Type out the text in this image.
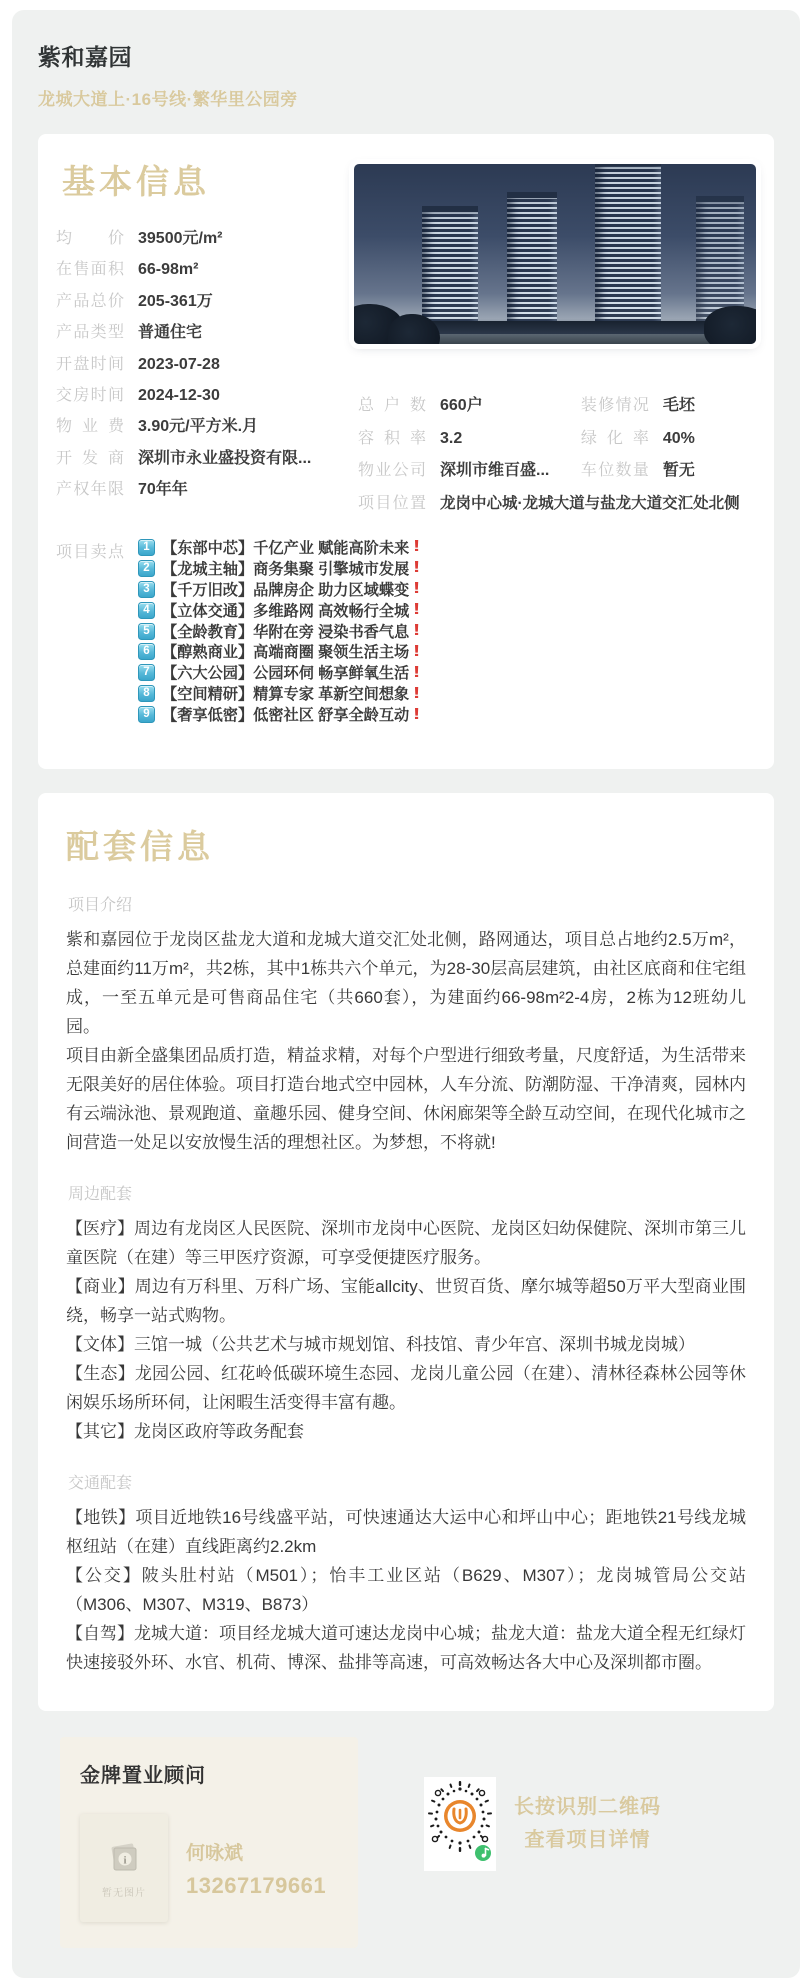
紫和嘉园

龙城大道上·16号线·繁华里公园旁

基本信息
均价 39500元/m²
在售面积 66-98m²
产品总价 205-361万
产品类型 普通住宅
开盘时间 2023-07-28
交房时间 2024-12-30
物业费 3.90元/平方米.月
开发商 深圳市永业盛投资有限...
产权年限 70年年
总户数 660户	装修情况 毛坯
容积率 3.2	绿化率 40%
物业公司 深圳市维百盛... 车位数量 暂无
项目位置 龙岗中心城·龙城大道与盐龙大道交汇处北侧
项目卖点	1 【东部中芯】千亿产业 赋能高阶未来 !
2 【龙城主轴】商务集聚 引擎城市发展 !
3 【千万旧改】品牌房企 助力区域蝶变 !
4 【立体交通】多维路网 高效畅行全城 !
5 【全龄教育】华附在旁 浸染书香气息 !
6 【醇熟商业】高端商圈 聚领生活主场 !
7 【六大公园】公园环伺 畅享鲜氧生活 !
8 【空间精研】精算专家 革新空间想象 !
9 【奢享低密】低密社区 舒享全龄互动 !
配套信息
项目介绍

紫和嘉园位于龙岗区盐龙大道和龙城大道交汇处北侧，路网通达，项目总占地约2.5万m²，总建面约11万m²，共2栋，其中1栋共六个单元，为28-30层高层建筑，由社区底商和住宅组成，一至五单元是可售商品住宅（共660套），为建面约66-98m²2-4房，2栋为12班幼儿园。

项目由新全盛集团品质打造，精益求精，对每个户型进行细致考量，尺度舒适，为生活带来无限美好的居住体验。项目打造台地式空中园林，人车分流、防潮防湿、干净清爽，园林内有云端泳池、景观跑道、童趣乐园、健身空间、休闲廊架等全龄互动空间，在现代化城市之间营造一处足以安放慢生活的理想社区。为梦想，不将就!

周边配套

【医疗】周边有龙岗区人民医院、深圳市龙岗中心医院、龙岗区妇幼保健院、深圳市第三儿童医院（在建）等三甲医疗资源，可享受便捷医疗服务。

【商业】周边有万科里、万科广场、宝能allcity、世贸百货、摩尔城等超50万平大型商业围绕，畅享一站式购物。

【文体】三馆一城（公共艺术与城市规划馆、科技馆、青少年宫、深圳书城龙岗城）

【生态】龙园公园、红花岭低碳环境生态园、龙岗儿童公园（在建）、清林径森林公园等休闲娱乐场所环伺，让闲暇生活变得丰富有趣。

【其它】龙岗区政府等政务配套

交通配套

【地铁】项目近地铁16号线盛平站，可快速通达大运中心和坪山中心；距地铁21号线龙城枢纽站（在建）直线距离约2.2km

【公交】陂头肚村站（M501）；怡丰工业区站（B629、M307）；龙岗城管局公交站（M306、M307、M319、B873）

【自驾】龙城大道：项目经龙城大道可速达龙岗中心城；盐龙大道：盐龙大道全程无红绿灯快速接驳外环、水官、机荷、博深、盐排等高速，可高效畅达各大中心及深圳都市圈。

金牌置业顾问
i
暂无图片
何咏斌
13267179661
长按识别二维码
查看项目详情
